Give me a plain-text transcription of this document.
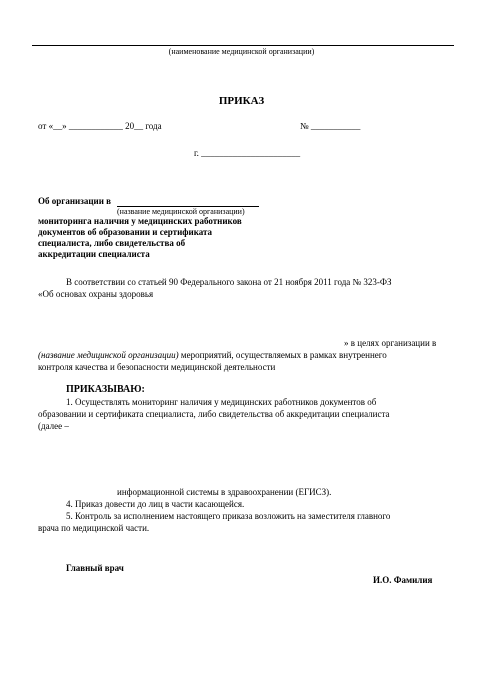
(наименование медицинской организации)
ПРИКАЗ
от «__» ____________ 20__ года	№ ___________
г. ______________________
Об организации в
(название медицинской организации)
мониторинга наличия у медицинских работников
документов об образовании и сертификата
специалиста, либо свидетельства об
аккредитации специалиста
В соответствии со статьей 90 Федерального закона от 21 ноября 2011 года № 323-ФЗ
«Об основах охраны здоровья
» в целях организации в
(название медицинской организации) мероприятий, осуществляемых в рамках внутреннего
контроля качества и безопасности медицинской деятельности
ПРИКАЗЫВАЮ:
1. Осуществлять мониторинг наличия у медицинских работников документов об
образовании и сертификата специалиста, либо свидетельства об аккредитации специалиста
(далее –
информационной системы в здравоохранении (ЕГИСЗ).
4. Приказ довести до лиц в части касающейся.
5. Контроль за исполнением настоящего приказа возложить на заместителя главного
врача по медицинской части.
Главный врач
И.О. Фамилия
